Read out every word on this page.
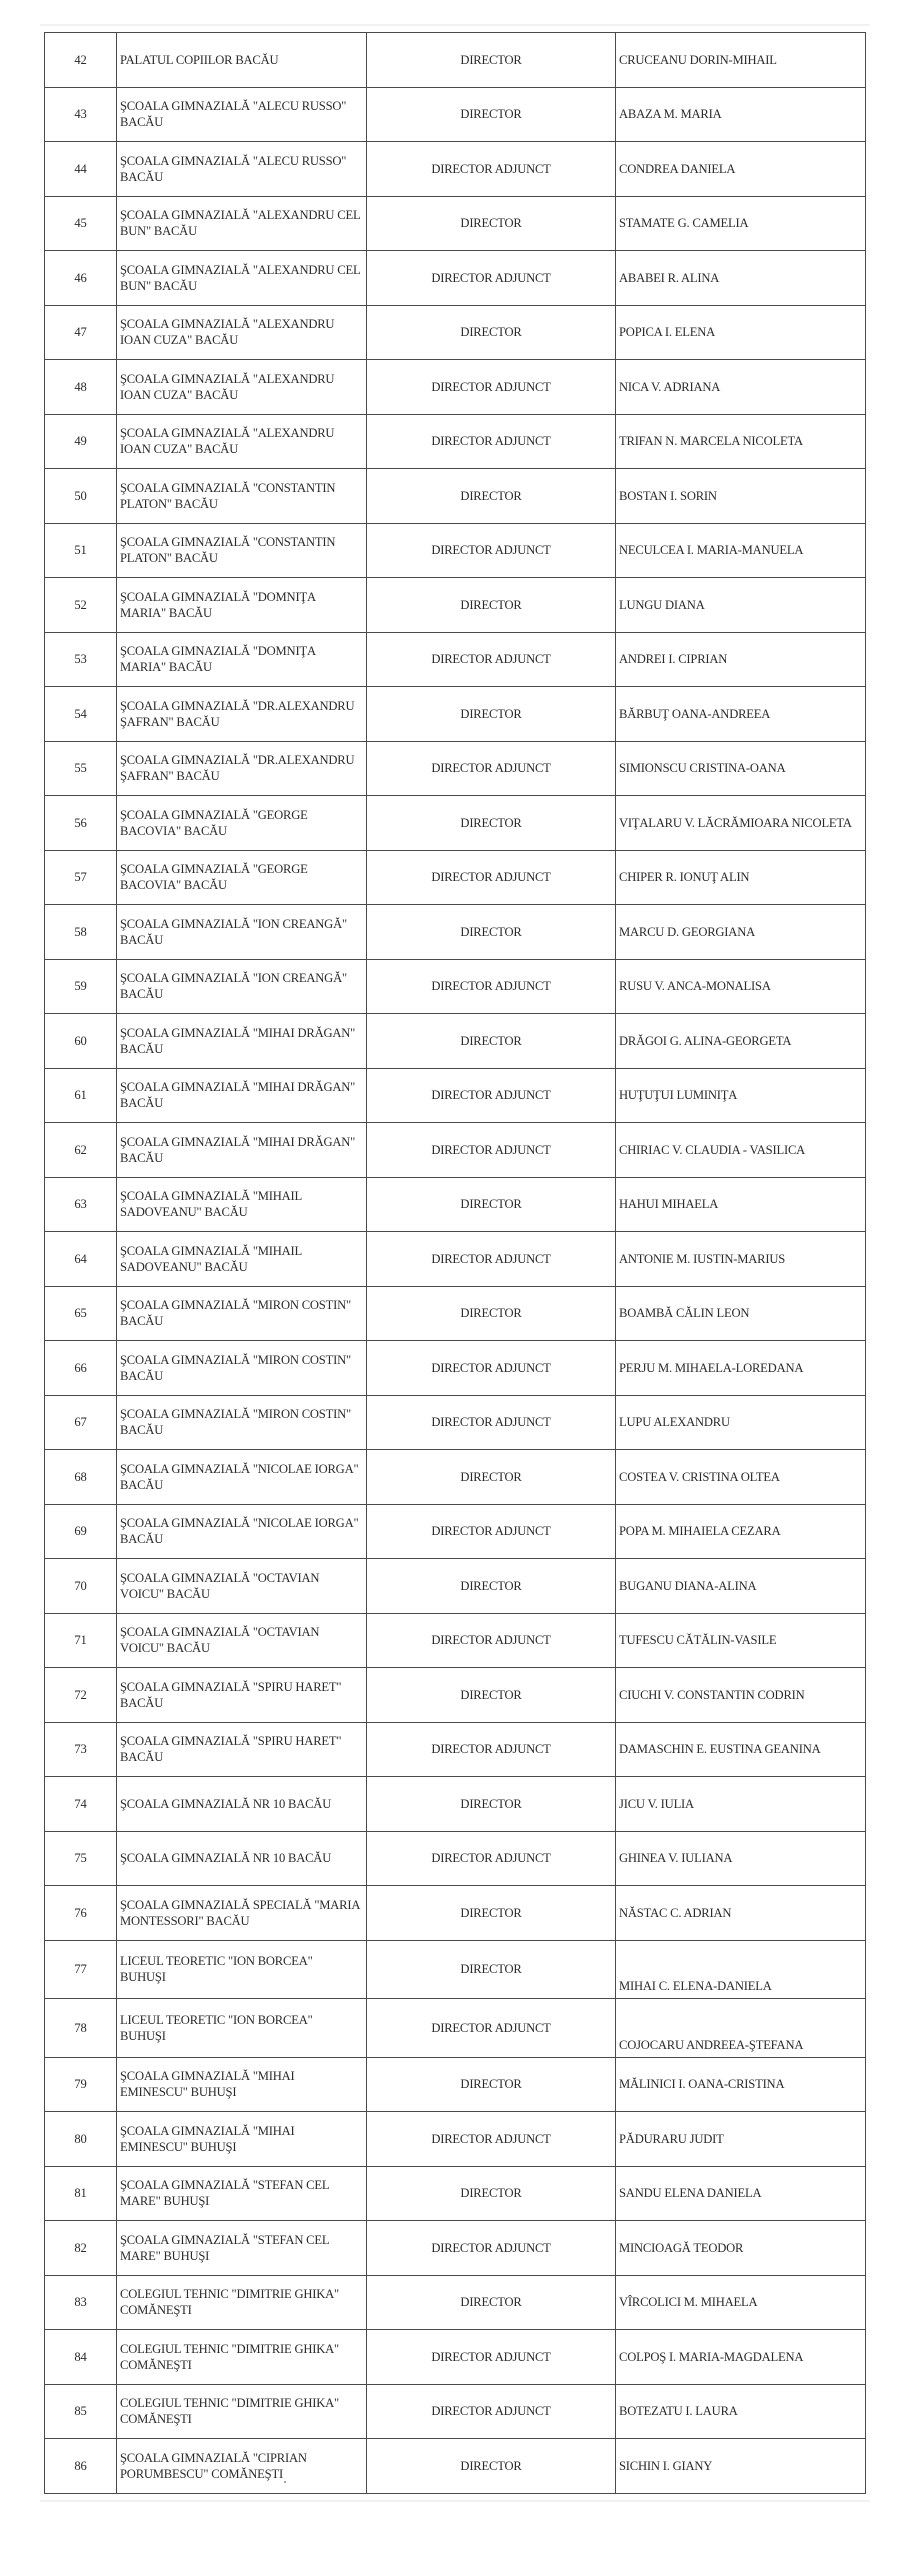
42	PALATUL COPIILOR BACĂU	DIRECTOR	CRUCEANU DORIN-MIHAIL
43	ŞCOALA GIMNAZIALĂ "ALECU RUSSO" BACĂU	DIRECTOR	ABAZA M. MARIA
44	ŞCOALA GIMNAZIALĂ "ALECU RUSSO" BACĂU	DIRECTOR ADJUNCT	CONDREA DANIELA
45	ŞCOALA GIMNAZIALĂ "ALEXANDRU CEL BUN" BACĂU	DIRECTOR	STAMATE G. CAMELIA
46	ŞCOALA GIMNAZIALĂ "ALEXANDRU CEL BUN" BACĂU	DIRECTOR ADJUNCT	ABABEI R. ALINA
47	ŞCOALA GIMNAZIALĂ "ALEXANDRU IOAN CUZA" BACĂU	DIRECTOR	POPICA I. ELENA
48	ŞCOALA GIMNAZIALĂ "ALEXANDRU IOAN CUZA" BACĂU	DIRECTOR ADJUNCT	NICA V. ADRIANA
49	ŞCOALA GIMNAZIALĂ "ALEXANDRU IOAN CUZA" BACĂU	DIRECTOR ADJUNCT	TRIFAN N. MARCELA NICOLETA
50	ŞCOALA GIMNAZIALĂ "CONSTANTIN PLATON" BACĂU	DIRECTOR	BOSTAN I. SORIN
51	ŞCOALA GIMNAZIALĂ "CONSTANTIN PLATON" BACĂU	DIRECTOR ADJUNCT	NECULCEA I. MARIA-MANUELA
52	ŞCOALA GIMNAZIALĂ "DOMNIŢA MARIA" BACĂU	DIRECTOR	LUNGU DIANA
53	ŞCOALA GIMNAZIALĂ "DOMNIŢA MARIA" BACĂU	DIRECTOR ADJUNCT	ANDREI I. CIPRIAN
54	ŞCOALA GIMNAZIALĂ "DR.ALEXANDRU ŞAFRAN" BACĂU	DIRECTOR	BĂRBUŢ OANA-ANDREEA
55	ŞCOALA GIMNAZIALĂ "DR.ALEXANDRU ŞAFRAN" BACĂU	DIRECTOR ADJUNCT	SIMIONSCU CRISTINA-OANA
56	ŞCOALA GIMNAZIALĂ "GEORGE BACOVIA" BACĂU	DIRECTOR	VIŢALARU V. LĂCRĂMIOARA NICOLETA
57	ŞCOALA GIMNAZIALĂ "GEORGE BACOVIA" BACĂU	DIRECTOR ADJUNCT	CHIPER R. IONUŢ ALIN
58	ŞCOALA GIMNAZIALĂ "ION CREANGĂ" BACĂU	DIRECTOR	MARCU D. GEORGIANA
59	ŞCOALA GIMNAZIALĂ "ION CREANGĂ" BACĂU	DIRECTOR ADJUNCT	RUSU V. ANCA-MONALISA
60	ŞCOALA GIMNAZIALĂ "MIHAI DRĂGAN" BACĂU	DIRECTOR	DRĂGOI G. ALINA-GEORGETA
61	ŞCOALA GIMNAZIALĂ "MIHAI DRĂGAN" BACĂU	DIRECTOR ADJUNCT	HUŢUŢUI LUMINIŢA
62	ŞCOALA GIMNAZIALĂ "MIHAI DRĂGAN" BACĂU	DIRECTOR ADJUNCT	CHIRIAC V. CLAUDIA - VASILICA
63	ŞCOALA GIMNAZIALĂ "MIHAIL SADOVEANU" BACĂU	DIRECTOR	HAHUI MIHAELA
64	ŞCOALA GIMNAZIALĂ "MIHAIL SADOVEANU" BACĂU	DIRECTOR ADJUNCT	ANTONIE M. IUSTIN-MARIUS
65	ŞCOALA GIMNAZIALĂ "MIRON COSTIN" BACĂU	DIRECTOR	BOAMBĂ CĂLIN LEON
66	ŞCOALA GIMNAZIALĂ "MIRON COSTIN" BACĂU	DIRECTOR ADJUNCT	PERJU M. MIHAELA-LOREDANA
67	ŞCOALA GIMNAZIALĂ "MIRON COSTIN" BACĂU	DIRECTOR ADJUNCT	LUPU ALEXANDRU
68	ŞCOALA GIMNAZIALĂ "NICOLAE IORGA" BACĂU	DIRECTOR	COSTEA V. CRISTINA OLTEA
69	ŞCOALA GIMNAZIALĂ "NICOLAE IORGA" BACĂU	DIRECTOR ADJUNCT	POPA M. MIHAIELA CEZARA
70	ŞCOALA GIMNAZIALĂ "OCTAVIAN VOICU" BACĂU	DIRECTOR	BUGANU DIANA-ALINA
71	ŞCOALA GIMNAZIALĂ "OCTAVIAN VOICU" BACĂU	DIRECTOR ADJUNCT	TUFESCU CĂTĂLIN-VASILE
72	ŞCOALA GIMNAZIALĂ "SPIRU HARET" BACĂU	DIRECTOR	CIUCHI V. CONSTANTIN CODRIN
73	ŞCOALA GIMNAZIALĂ "SPIRU HARET" BACĂU	DIRECTOR ADJUNCT	DAMASCHIN E. EUSTINA GEANINA
74	ŞCOALA GIMNAZIALĂ NR 10 BACĂU	DIRECTOR	JICU V. IULIA
75	ŞCOALA GIMNAZIALĂ NR 10 BACĂU	DIRECTOR ADJUNCT	GHINEA V. IULIANA
76	ŞCOALA GIMNAZIALĂ SPECIALĂ "MARIA MONTESSORI" BACĂU	DIRECTOR	NĂSTAC C. ADRIAN
77	LICEUL TEORETIC "ION BORCEA" BUHUŞI	DIRECTOR	MIHAI C. ELENA-DANIELA
78	LICEUL TEORETIC "ION BORCEA" BUHUŞI	DIRECTOR ADJUNCT	COJOCARU ANDREEA-ŞTEFANA
79	ŞCOALA GIMNAZIALĂ "MIHAI EMINESCU" BUHUŞI	DIRECTOR	MĂLINICI I. OANA-CRISTINA
80	ŞCOALA GIMNAZIALĂ "MIHAI EMINESCU" BUHUŞI	DIRECTOR ADJUNCT	PĂDURARU JUDIT
81	ŞCOALA GIMNAZIALĂ "STEFAN CEL MARE" BUHUŞI	DIRECTOR	SANDU ELENA DANIELA
82	ŞCOALA GIMNAZIALĂ "STEFAN CEL MARE" BUHUŞI	DIRECTOR ADJUNCT	MINCIOAGĂ TEODOR
83	COLEGIUL TEHNIC "DIMITRIE GHIKA" COMĂNEŞTI	DIRECTOR	VÎRCOLICI M. MIHAELA
84	COLEGIUL TEHNIC "DIMITRIE GHIKA" COMĂNEŞTI	DIRECTOR ADJUNCT	COLPOŞ I. MARIA-MAGDALENA
85	COLEGIUL TEHNIC "DIMITRIE GHIKA" COMĂNEŞTI	DIRECTOR ADJUNCT	BOTEZATU I. LAURA
86	ŞCOALA GIMNAZIALĂ "CIPRIAN PORUMBESCU" COMĂNEŞTI	DIRECTOR	SICHIN I. GIANY
